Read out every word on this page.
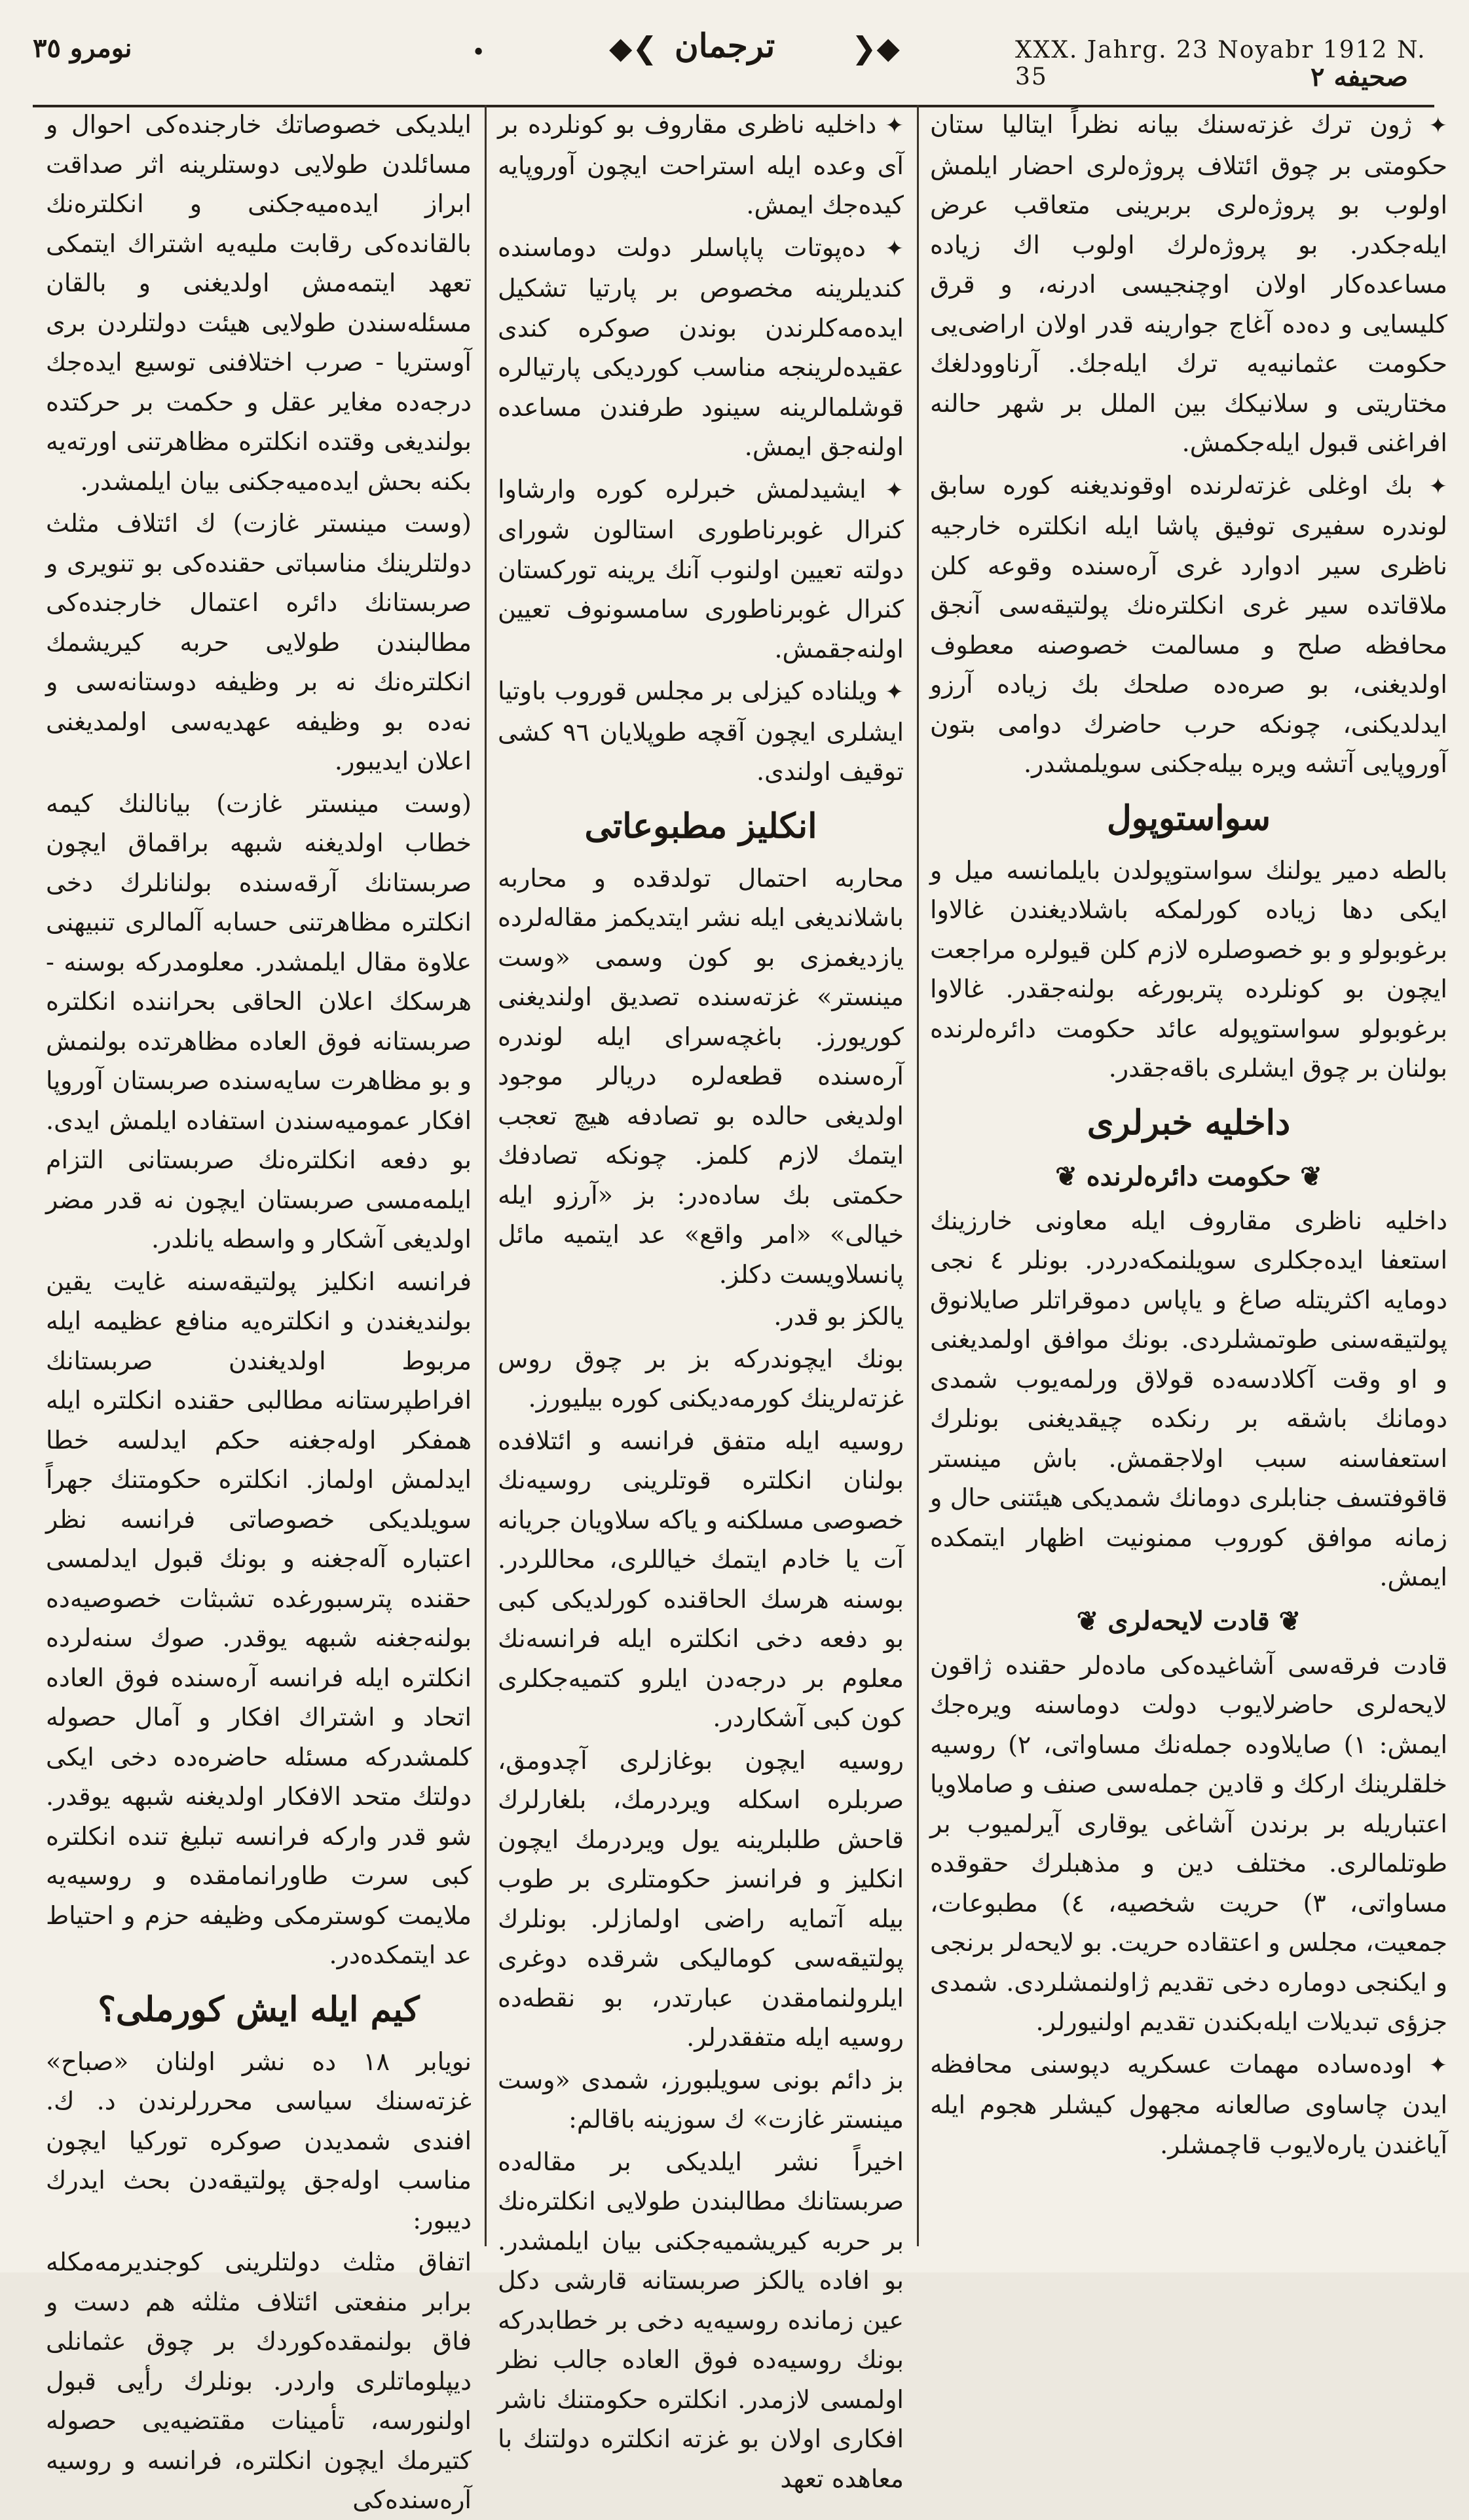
نومرو ٣٥	•	◆❮ ترجمان	❯◆	XXX. Jahrg. 23 Noyabr 1912 N. 35	صحيفه ٢
✦ ژون ترك غزته‌سنك بيانه نظراً ايتاليا ستان حكومتى بر چوق ائتلاف پروژه‌لرى احضار ايلمش اولوب بو پروژه‌لرى بربرينى متعاقب عرض ايله‌جكدر. بو پروژه‌لرك اولوب اك زياده مساعده‌كار اولان اوچنجيسى ادرنه، و قرق كليسايى و ده‌ده آغاج جوارينه قدر اولان اراضى‌يى حكومت عثمانيه‌يه ترك ايله‌جك. آرناوودلغك مختاريتى و سلانيكك بين الملل بر شهر حالنه افراغنى قبول ايله‌جكمش.
✦ بك اوغلى غزته‌لرنده اوقونديغنه كوره سابق لوندره سفيرى توفيق پاشا ايله انكلتره خارجيه ناظرى سير ادوارد غرى آره‌سنده وقوعه كلن ملاقاتده سير غرى انكلتره‌نك پولتيقه‌سى آنجق محافظه صلح و مسالمت خصوصنه معطوف اولديغنى، بو صره‌ده صلحك بك زياده آرزو ايدلديكنى، چونكه حرب حاضرك دوامى بتون آوروپايى آتشه ويره بيله‌جكنى سويلمشدر.
سواستوپول
بالطه دمير يولنك سواستوپولدن بايلمانسه ميل و ايكى دها زياده كورلمكه باشلاديغندن غالاوا برغوبولو و بو خصوصلره لازم كلن قيولره مراجعت ايچون بو كونلرده پتربورغه بولنه‌جقدر. غالاوا برغوبولو سواستوپوله عائد حكومت دائره‌لرنده بولنان بر چوق ايشلرى باقه‌جقدر.
داخليه خبرلرى
❦ حكومت دائره‌لرنده ❦
داخليه ناظرى مقاروف ايله معاونى خارزينك استعفا ايده‌جكلرى سويلنمكه‌دردر. بونلر ٤ نجى دومايه اكثريتله صاغ و ياپاس دموقراتلر صايلانوق پولتيقه‌سنى طوتمشلردى. بونك موافق اولمديغنى و او وقت آكلادسه‌ده قولاق ورلمه‌يوب شمدى دومانك باشقه بر رنكده چيقديغنى بونلرك استعفاسنه سبب اولاجقمش. باش مينستر قاقوفتسف جنابلرى دومانك شمديكى هيئتنى حال و زمانه موافق كوروب ممنونيت اظهار ايتمكده ايمش.
❦ قادت لايحه‌لرى ❦
قادت فرقه‌سى آشاغيده‌كى ماده‌لر حقنده ژاقون لايحه‌لرى حاضرلايوب دولت دوماسنه ويره‌جك ايمش: ١) صايلاوده جمله‌نك مساواتى، ٢) روسيه خلقلرينك اركك و قادين جمله‌سى صنف و صاملاويا اعتباريله بر برندن آشاغى يوقارى آيرلميوب بر طوتلمالرى. مختلف دين و مذهبلرك حقوقده مساواتى، ٣) حريت شخصيه، ٤) مطبوعات، جمعيت، مجلس و اعتقاده حريت. بو لايحه‌لر برنجى و ايكنجى دوماره دخى تقديم ژاولنمشلردى. شمدى جزؤى تبديلات ايله‌بكندن تقديم اولنيورلر.
✦ اوده‌ساده مهمات عسكريه دپوسنى محافظه ايدن چاساوى صالعانه مجهول كيشلر هجوم ايله آياغندن ياره‌لايوب قاچمشلر.
✦ داخليه ناظرى مقاروف بو كونلرده بر آى وعده ايله استراحت ايچون آوروپايه كيده‌جك ايمش.
✦ ده‌پوتات پاپاسلر دولت دوماسنده كنديلرينه مخصوص بر پارتيا تشكيل ايده‌مه‌كلرندن بوندن صوكره كندى عقيده‌لرينجه مناسب كورديكى پارتيالره قوشلمالرينه سينود طرفندن مساعده اولنه‌جق ايمش.
✦ ايشيدلمش خبرلره كوره وارشاوا كنرال غوبرناطورى استالون شوراى دولته تعيين اولنوب آنك يرينه توركستان كنرال غوبرناطورى سامسونوف تعيين اولنه‌جقمش.
✦ ويلنا‌ده كيزلى بر مجلس قوروب باوتيا ايشلرى ايچون آقچه طوپلايان ٩٦ كشى توقيف اولندى.
انكليز مطبوعاتى
محاربه احتمال تولدقده و محاربه باشلانديغى ايله نشر ايتديكمز مقاله‌لرده يازديغمزى بو كون وسمى «وست مينستر» غزته‌سنده تصديق اولنديغنى كوريورز. باغچه‌سراى ايله لوندره آره‌سنده قطعه‌لره دريالر موجود اولديغى حالده بو تصادفه هيچ تعجب ايتمك لازم كلمز. چونكه تصادفك حكمتى بك ساده‌در: بز «آرزو ايله خيالى» «امر واقع» عد ايتميه مائل پانسلاويست دكلز.
يالكز بو قدر.
بونك ايچوندركه بز بر چوق روس غزته‌لرينك كورمه‌ديكنى كوره بيليورز.
روسيه ايله متفق فرانسه و ائتلافده بولنان انكلتره قوتلرينى روسيه‌نك خصوصى مسلكنه و ياكه سلاويان جريانه آت يا خادم ايتمك خياللرى، محاللردر. بوسنه هرسك الحاقنده كورلديكى كبى بو دفعه دخى انكلتره ايله فرانسه‌نك معلوم بر درجه‌دن ايلرو كتميه‌جكلرى كون كبى آشكاردر.
روسيه ايچون بوغازلرى آچدومق، صربلره اسكله ويردرمك، بلغارلرك قاحش طلبلرينه يول ويردرمك ايچون انكليز و فرانسز حكومتلرى بر طوب بيله آتمايه راضى اولمازلر. بونلرك پولتيقه‌سى كوماليكى شرقده دوغرى ايلرولنمامقدن عبارتدر، بو نقطه‌ده روسيه ايله متفقدرلر.
بز دائم بونى سويلبورز، شمدى «وست مينستر غازت» ك سوزينه باقالم:
اخيراً نشر ايلديكى بر مقاله‌ده صربستانك مطالبندن طولايى انكلتره‌نك بر حربه كيريشميه‌جكنى بيان ايلمشدر. بو افاده يالكز صربستانه قارشى دكل عين زمانده روسيه‌يه دخى بر خطابدركه بونك روسيه‌ده فوق العاده جالب نظر اولمسى لازمدر. انكلتره حكومتنك ناشر افكارى اولان بو غزته انكلتره دولتنك با معاهده تعهد
ايلديكى خصوصاتك خارجنده‌كى احوال و مسائلدن طولايى دوستلرينه اثر صداقت ابراز ايده‌ميه‌جكنى و انكلتره‌نك بالقانده‌كى رقابت مليه‌يه اشتراك ايتمكى تعهد ايتمه‌مش اولديغنى و بالقان مسئله‌سندن طولايى هيئت دولتلردن برى آوستريا - صرب اختلافنى توسيع ايده‌جك درجه‌ده مغاير عقل و حكمت بر حركتده بولنديغى وقتده انكلتره مظاهرتنى اورته‌يه بكنه بحش ايده‌ميه‌جكنى بيان ايلمشدر.
(وست مينستر غازت) ك ائتلاف مثلث دولتلرينك مناسباتى حقنده‌كى بو تنويرى و صربستانك دائره اعتمال خارجنده‌كى مطالبندن طولايى حربه كيريشمك انكلتره‌نك نه بر وظيفه دوستانه‌سى و نه‌ده بو وظيفه عهديه‌سى اولمديغنى اعلان ايديبور.
(وست مينستر غازت) بيانالنك كيمه خطاب اولديغنه شبهه براقماق ايچون صربستانك آرقه‌سنده بولنانلرك دخى انكلتره مظاهرتنى حسابه آلمالرى تنبيهنى علاوة مقال ايلمشدر. معلومدركه بوسنه - هرسكك اعلان الحاقى بحراننده انكلتره صربستانه فوق العاده مظاهرتده بولنمش و بو مظاهرت سايه‌سنده صربستان آوروپا افكار عموميه‌سندن استفاده ايلمش ايدى. بو دفعه انكلتره‌نك صربستانى التزام ايلمه‌مسى صربستان ايچون نه قدر مضر اولديغى آشكار و واسطه يانلدر.
فرانسه انكليز پولتيقه‌سنه غايت يقين بولنديغندن و انكلتره‌يه منافع عظيمه ايله مربوط اولديغندن صربستانك افراطپرستانه مطالبى حقنده انكلتره ايله همفكر اوله‌جغنه حكم ايدلسه خطا ايدلمش اولماز. انكلتره حكومتنك جهراً سويلديكى خصوصاتى فرانسه نظر اعتباره آله‌جغنه و بونك قبول ايدلمسى حقنده پترسبورغده تشبثات خصوصيه‌ده بولنه‌جغنه شبهه يوقدر. صوك سنه‌لرده انكلتره ايله فرانسه آره‌سنده فوق العاده اتحاد و اشتراك افكار و آمال حصوله كلمشدركه مسئله حاضره‌ده دخى ايكى دولتك متحد الافكار اولديغنه شبهه يوقدر. شو قدر واركه فرانسه تبليغ تنده انكلتره كبى سرت طاورانمامقده و روسيه‌يه ملايمت كوسترمكى وظيفه حزم و احتياط عد ايتمكده‌در.
كيم ايله ايش كورملى؟
نويابر ١٨ ده نشر اولنان «صباح» غزته‌سنك سياسى محررلرندن د. ك. افندى شمديدن صوكره توركيا ايچون مناسب اوله‌جق پولتيقه‌دن بحث ايدرك ديبور:
اتفاق مثلث دولتلرينى كوجنديرمه‌مكله برابر منفعتى ائتلاف مثلثه هم دست و فاق بولنمقده‌كوردك بر چوق عثمانلى ديپلوماتلرى واردر. بونلرك رأيى قبول اولنورسه، تأمينات مقتضيه‌يى حصوله كتيرمك ايچون انكلتره، فرانسه و روسيه آره‌سنده‌كى
